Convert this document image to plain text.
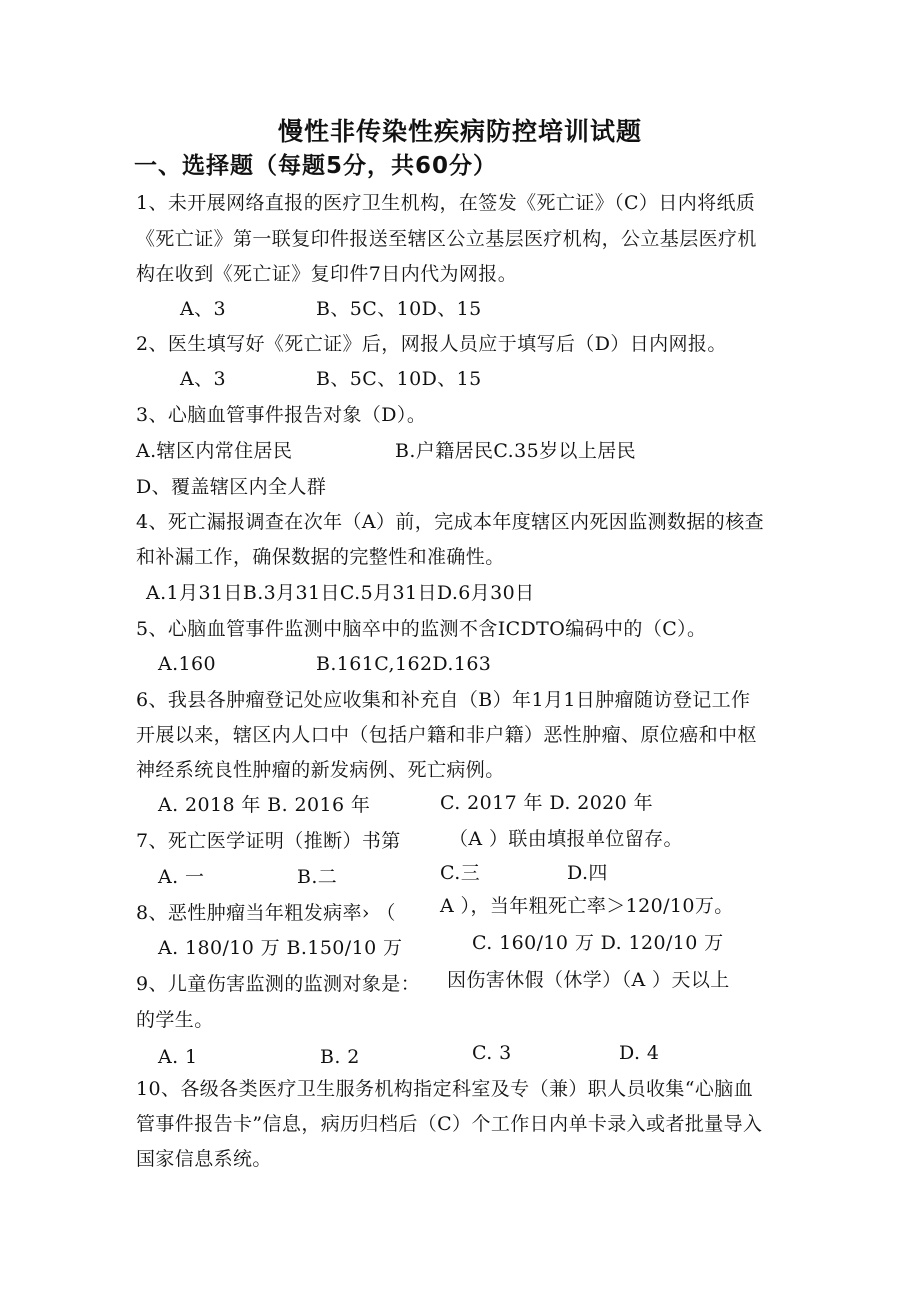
慢性非传染性疾病防控培训试题
一、选择题（每题5分，共60分）
1、未开展网络直报的医疗卫生机构，在签发《死亡证》（C）日内将纸质
《死亡证》第一联复印件报送至辖区公立基层医疗机构，公立基层医疗机
构在收到《死亡证》复印件7日内代为网报。
A、3	B、5C、10D、15
2、医生填写好《死亡证》后，网报人员应于填写后（D）日内网报。
A、3	B、5C、10D、15
3、心脑血管事件报告对象（D）。
A.辖区内常住居民	B.户籍居民C.35岁以上居民
D、覆盖辖区内全人群
4、死亡漏报调查在次年（A）前，完成本年度辖区内死因监测数据的核查
和补漏工作，确保数据的完整性和准确性。
A.1月31日B.3月31日C.5月31日D.6月30日
5、心脑血管事件监测中脑卒中的监测不含ICDTO编码中的（C）。
A.160	B.161C,162D.163
6、我县各肿瘤登记处应收集和补充自（B）年1月1日肿瘤随访登记工作
开展以来，辖区内人口中（包括户籍和非户籍）恶性肿瘤、原位癌和中枢
神经系统良性肿瘤的新发病例、死亡病例。
A. 2018 年 B. 2016 年	C. 2017 年 D. 2020 年
7、死亡医学证明（推断）书第	（A ）联由填报单位留存。
A. 一	B.二	C.三	D.四
8、恶性肿瘤当年粗发病率› （ A ），当年粗死亡率＞120/10万。
A. 180/10 万 B.150/10 万	C. 160/10 万 D. 120/10 万
9、儿童伤害监测的监测对象是： 因伤害休假（休学）（A ）天以上
的学生。
A. 1	B. 2	C. 3	D. 4
10、各级各类医疗卫生服务机构指定科室及专（兼）职人员收集“心脑血
管事件报告卡”信息，病历归档后（C）个工作日内单卡录入或者批量导入
国家信息系统。
